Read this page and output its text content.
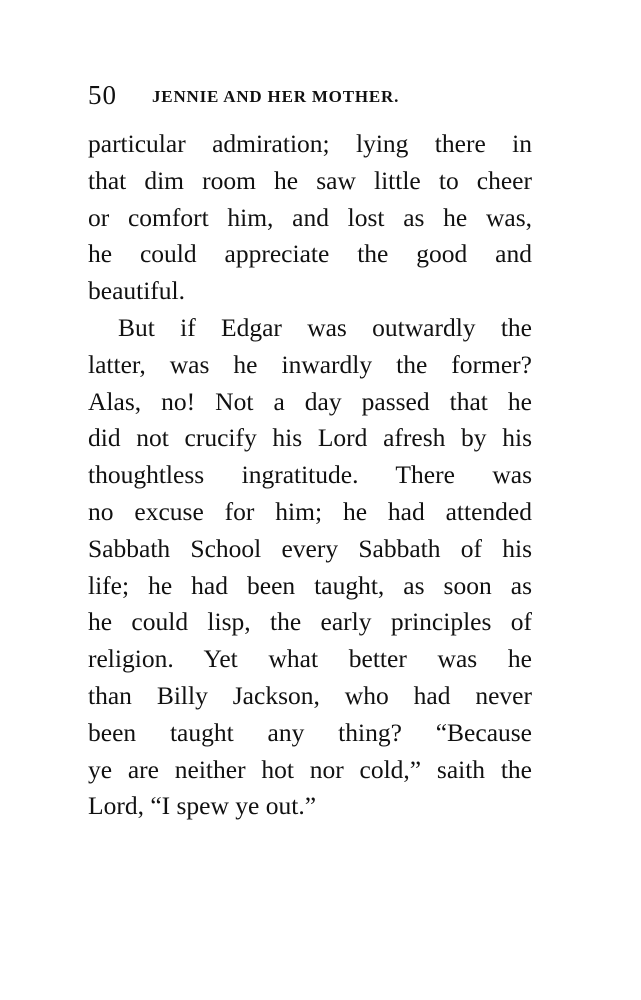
50 JENNIE AND HER MOTHER.
particular admiration; lying there in
that dim room he saw little to cheer
or comfort him, and lost as he was,
he could appreciate the good and
beautiful.
But if Edgar was outwardly the
latter, was he inwardly the former?
Alas, no! Not a day passed that he
did not crucify his Lord afresh by his
thoughtless ingratitude. There was
no excuse for him; he had attended
Sabbath School every Sabbath of his
life; he had been taught, as soon as
he could lisp, the early principles of
religion. Yet what better was he
than Billy Jackson, who had never
been taught any thing? “Because
ye are neither hot nor cold,” saith the
Lord, “I spew ye out.”
